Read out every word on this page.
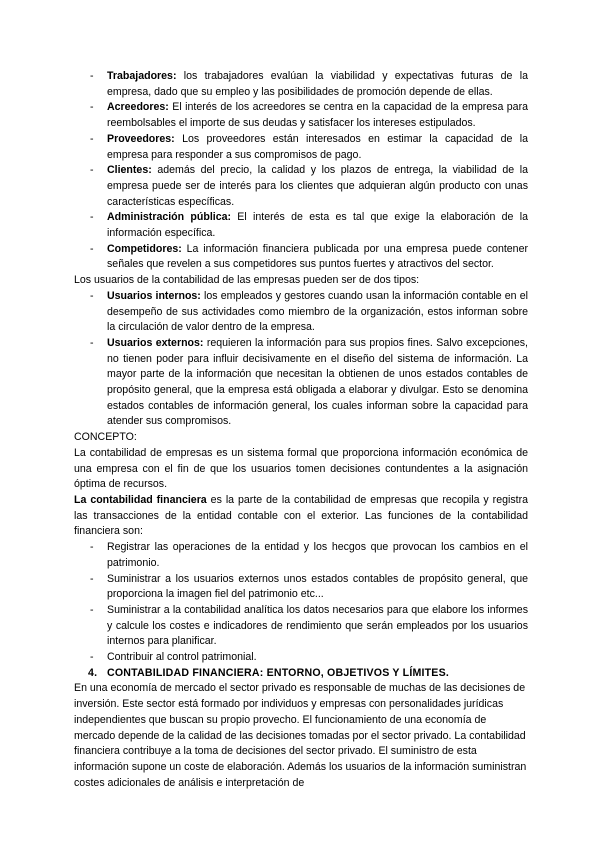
- Trabajadores: los trabajadores evalúan la viabilidad y expectativas futuras de la empresa, dado que su empleo y las posibilidades de promoción depende de ellas.
- Acreedores: El interés de los acreedores se centra en la capacidad de la empresa para reembolsables el importe de sus deudas y satisfacer los intereses estipulados.
- Proveedores: Los proveedores están interesados en estimar la capacidad de la empresa para responder a sus compromisos de pago.
- Clientes: además del precio, la calidad y los plazos de entrega, la viabilidad de la empresa puede ser de interés para los clientes que adquieran algún producto con unas características específicas.
- Administración pública: El interés de esta es tal que exige la elaboración de la información específica.
- Competidores: La información financiera publicada por una empresa puede contener señales que revelen a sus competidores sus puntos fuertes y atractivos del sector.

Los usuarios de la contabilidad de las empresas pueden ser de dos tipos:

- Usuarios internos: los empleados y gestores cuando usan la información contable en el desempeño de sus actividades como miembro de la organización, estos informan sobre la circulación de valor dentro de la empresa.
- Usuarios externos: requieren la información para sus propios fines. Salvo excepciones, no tienen poder para influir decisivamente en el diseño del sistema de información. La mayor parte de la información que necesitan la obtienen de unos estados contables de propósito general, que la empresa está obligada a elaborar y divulgar. Esto se denomina estados contables de información general, los cuales informan sobre la capacidad para atender sus compromisos.

CONCEPTO:

La contabilidad de empresas es un sistema formal que proporciona información económica de una empresa con el fin de que los usuarios tomen decisiones contundentes a la asignación óptima de recursos.

La contabilidad financiera es la parte de la contabilidad de empresas que recopila y registra las transacciones de la entidad contable con el exterior. Las funciones de la contabilidad financiera son:

- Registrar las operaciones de la entidad y los hecgos que provocan los cambios en el patrimonio.
- Suministrar a los usuarios externos unos estados contables de propósito general, que proporciona la imagen fiel del patrimonio etc...
- Suministrar a la contabilidad analítica los datos necesarios para que elabore los informes y calcule los costes e indicadores de rendimiento que serán empleados por los usuarios internos para planificar.
- Contribuir al control patrimonial.
4. CONTABILIDAD FINANCIERA: ENTORNO, OBJETIVOS Y LÍMITES.

En una economía de mercado el sector privado es responsable de muchas de las decisiones de inversión. Este sector está formado por individuos y empresas con personalidades jurídicas independientes que buscan su propio provecho. El funcionamiento de una economía de mercado depende de la calidad de las decisiones tomadas por el sector privado. La contabilidad financiera contribuye a la toma de decisiones del sector privado. El suministro de esta información supone un coste de elaboración. Además los usuarios de la información suministran costes adicionales de análisis e interpretación de
